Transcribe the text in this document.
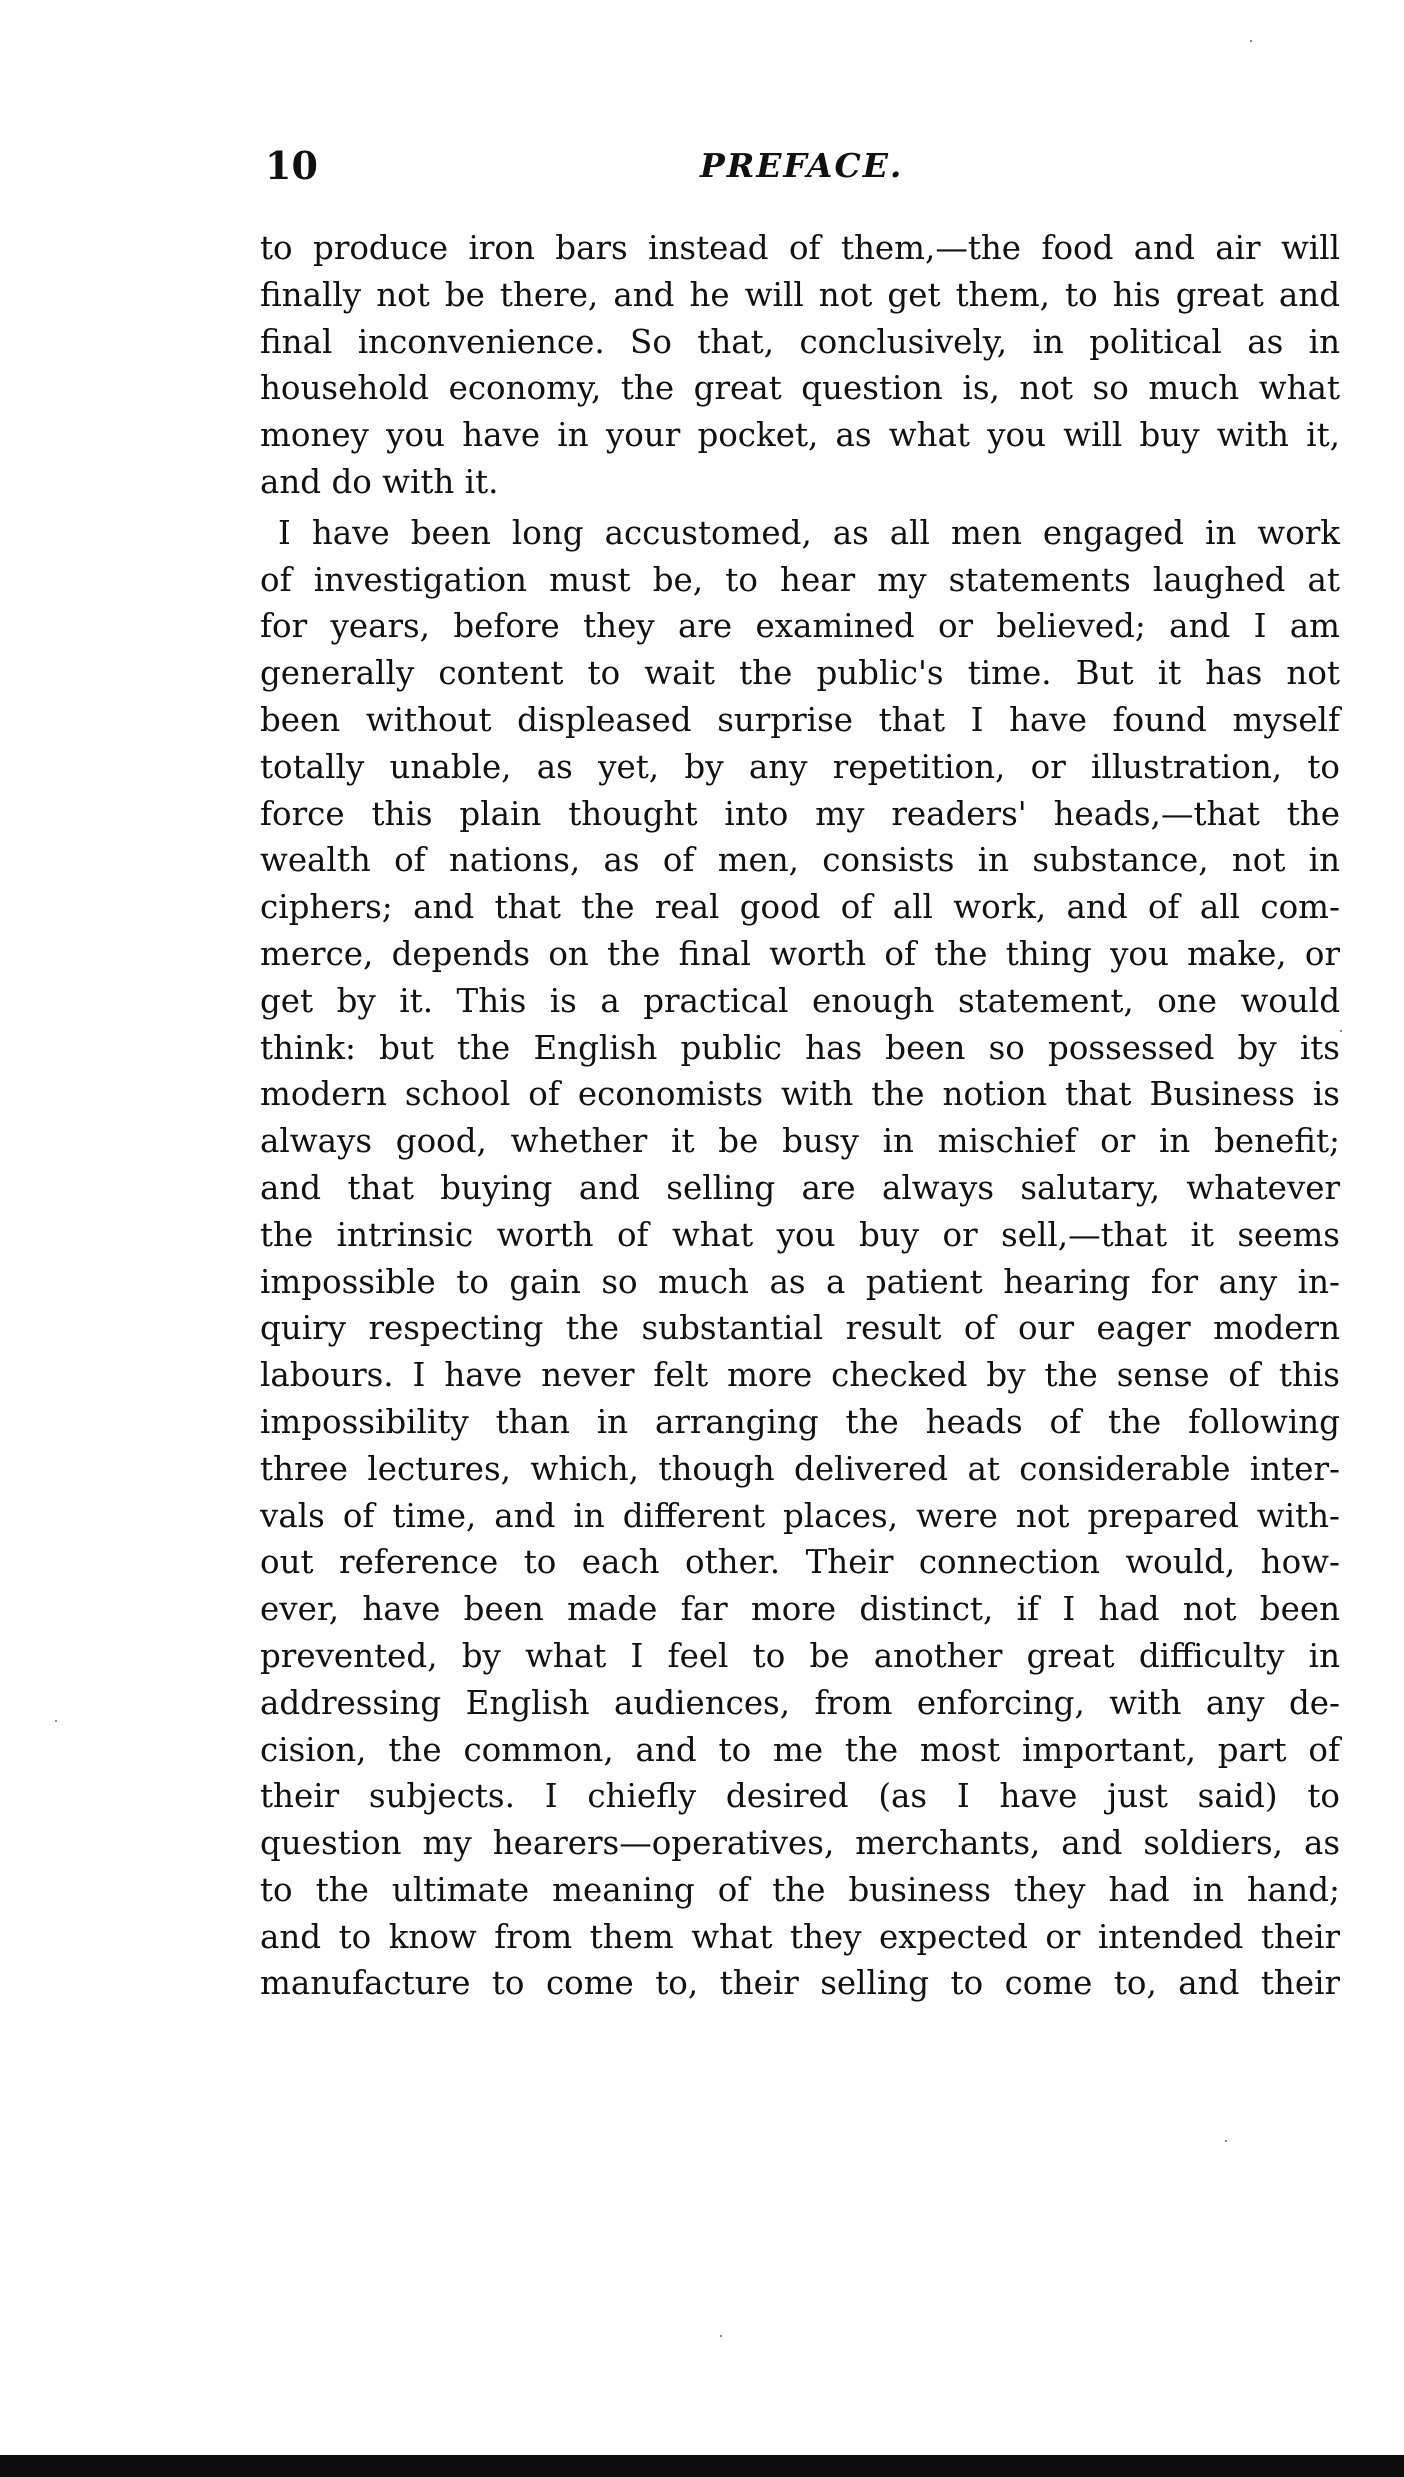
10	PREFACE.
to produce iron bars instead of them,—the food and air will
finally not be there, and he will not get them, to his great and
final inconvenience. So that, conclusively, in political as in
household economy, the great question is, not so much what
money you have in your pocket, as what you will buy with it,
and do with it.
I have been long accustomed, as all men engaged in work
of investigation must be, to hear my statements laughed at
for years, before they are examined or believed; and I am
generally content to wait the public's time. But it has not
been without displeased surprise that I have found myself
totally unable, as yet, by any repetition, or illustration, to
force this plain thought into my readers' heads,—that the
wealth of nations, as of men, consists in substance, not in
ciphers; and that the real good of all work, and of all com-
merce, depends on the final worth of the thing you make, or
get by it. This is a practical enough statement, one would
think: but the English public has been so possessed by its
modern school of economists with the notion that Business is
always good, whether it be busy in mischief or in benefit;
and that buying and selling are always salutary, whatever
the intrinsic worth of what you buy or sell,—that it seems
impossible to gain so much as a patient hearing for any in-
quiry respecting the substantial result of our eager modern
labours. I have never felt more checked by the sense of this
impossibility than in arranging the heads of the following
three lectures, which, though delivered at considerable inter-
vals of time, and in different places, were not prepared with-
out reference to each other. Their connection would, how-
ever, have been made far more distinct, if I had not been
prevented, by what I feel to be another great difficulty in
addressing English audiences, from enforcing, with any de-
cision, the common, and to me the most important, part of
their subjects. I chiefly desired (as I have just said) to
question my hearers—operatives, merchants, and soldiers, as
to the ultimate meaning of the business they had in hand;
and to know from them what they expected or intended their
manufacture to come to, their selling to come to, and their
